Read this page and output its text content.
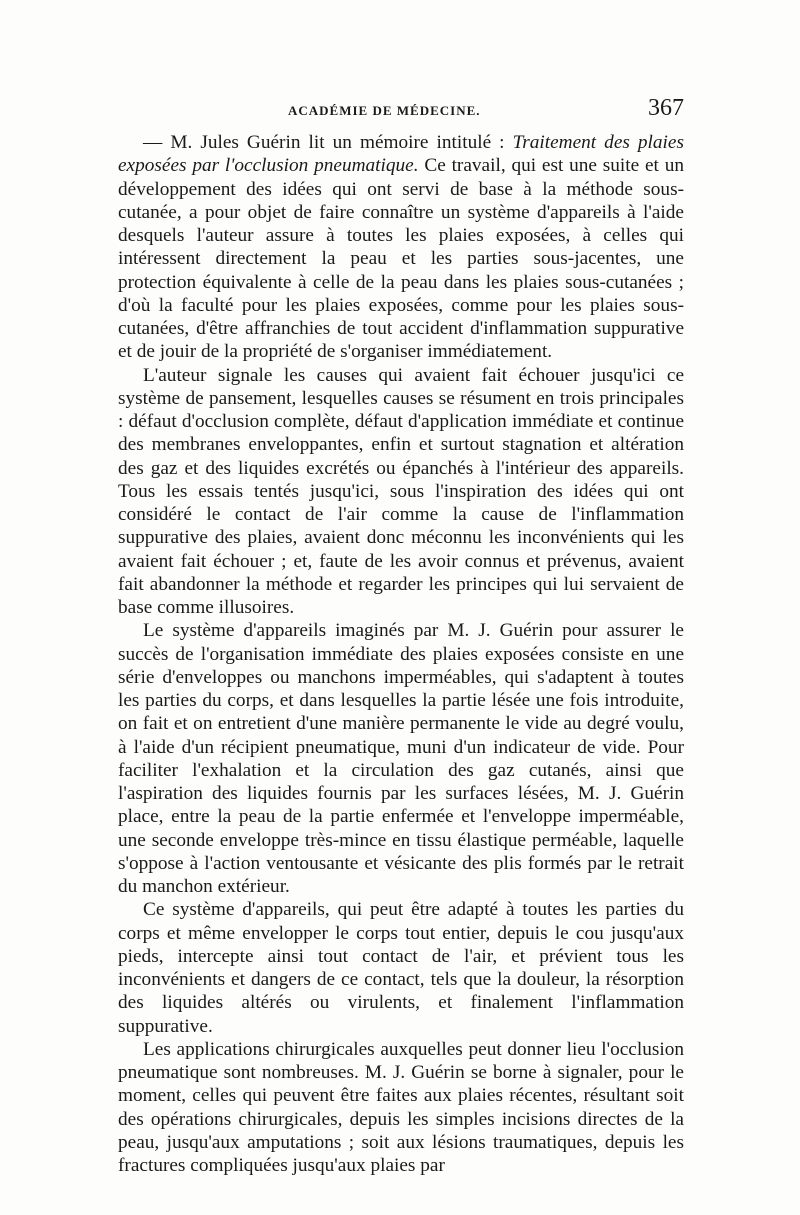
ACADÉMIE DE MÉDECINE.	367

— M. Jules Guérin lit un mémoire intitulé : Traitement des plaies exposées par l'occlusion pneumatique. Ce travail, qui est une suite et un développement des idées qui ont servi de base à la méthode sous-cutanée, a pour objet de faire connaître un système d'appareils à l'aide desquels l'auteur assure à toutes les plaies exposées, à celles qui intéressent directement la peau et les parties sous-jacentes, une protection équivalente à celle de la peau dans les plaies sous-cutanées ; d'où la faculté pour les plaies exposées, comme pour les plaies sous-cutanées, d'être affranchies de tout accident d'inflammation suppurative et de jouir de la propriété de s'organiser immédiatement.

L'auteur signale les causes qui avaient fait échouer jusqu'ici ce système de pansement, lesquelles causes se résument en trois principales : défaut d'occlusion complète, défaut d'application immédiate et continue des membranes enveloppantes, enfin et surtout stagnation et altération des gaz et des liquides excrétés ou épanchés à l'intérieur des appareils. Tous les essais tentés jusqu'ici, sous l'inspiration des idées qui ont considéré le contact de l'air comme la cause de l'inflammation suppurative des plaies, avaient donc méconnu les inconvénients qui les avaient fait échouer ; et, faute de les avoir connus et prévenus, avaient fait abandonner la méthode et regarder les principes qui lui servaient de base comme illusoires.

Le système d'appareils imaginés par M. J. Guérin pour assurer le succès de l'organisation immédiate des plaies exposées consiste en une série d'enveloppes ou manchons imperméables, qui s'adaptent à toutes les parties du corps, et dans lesquelles la partie lésée une fois introduite, on fait et on entretient d'une manière permanente le vide au degré voulu, à l'aide d'un récipient pneumatique, muni d'un indicateur de vide. Pour faciliter l'exhalation et la circulation des gaz cutanés, ainsi que l'aspiration des liquides fournis par les surfaces lésées, M. J. Guérin place, entre la peau de la partie enfermée et l'enveloppe imperméable, une seconde enveloppe très-mince en tissu élastique perméable, laquelle s'oppose à l'action ventousante et vésicante des plis formés par le retrait du manchon extérieur.

Ce système d'appareils, qui peut être adapté à toutes les parties du corps et même envelopper le corps tout entier, depuis le cou jusqu'aux pieds, intercepte ainsi tout contact de l'air, et prévient tous les inconvénients et dangers de ce contact, tels que la douleur, la résorption des liquides altérés ou virulents, et finalement l'inflammation suppurative.

Les applications chirurgicales auxquelles peut donner lieu l'occlusion pneumatique sont nombreuses. M. J. Guérin se borne à signaler, pour le moment, celles qui peuvent être faites aux plaies récentes, résultant soit des opérations chirurgicales, depuis les simples incisions directes de la peau, jusqu'aux amputations ; soit aux lésions traumatiques, depuis les fractures compliquées jusqu'aux plaies par
